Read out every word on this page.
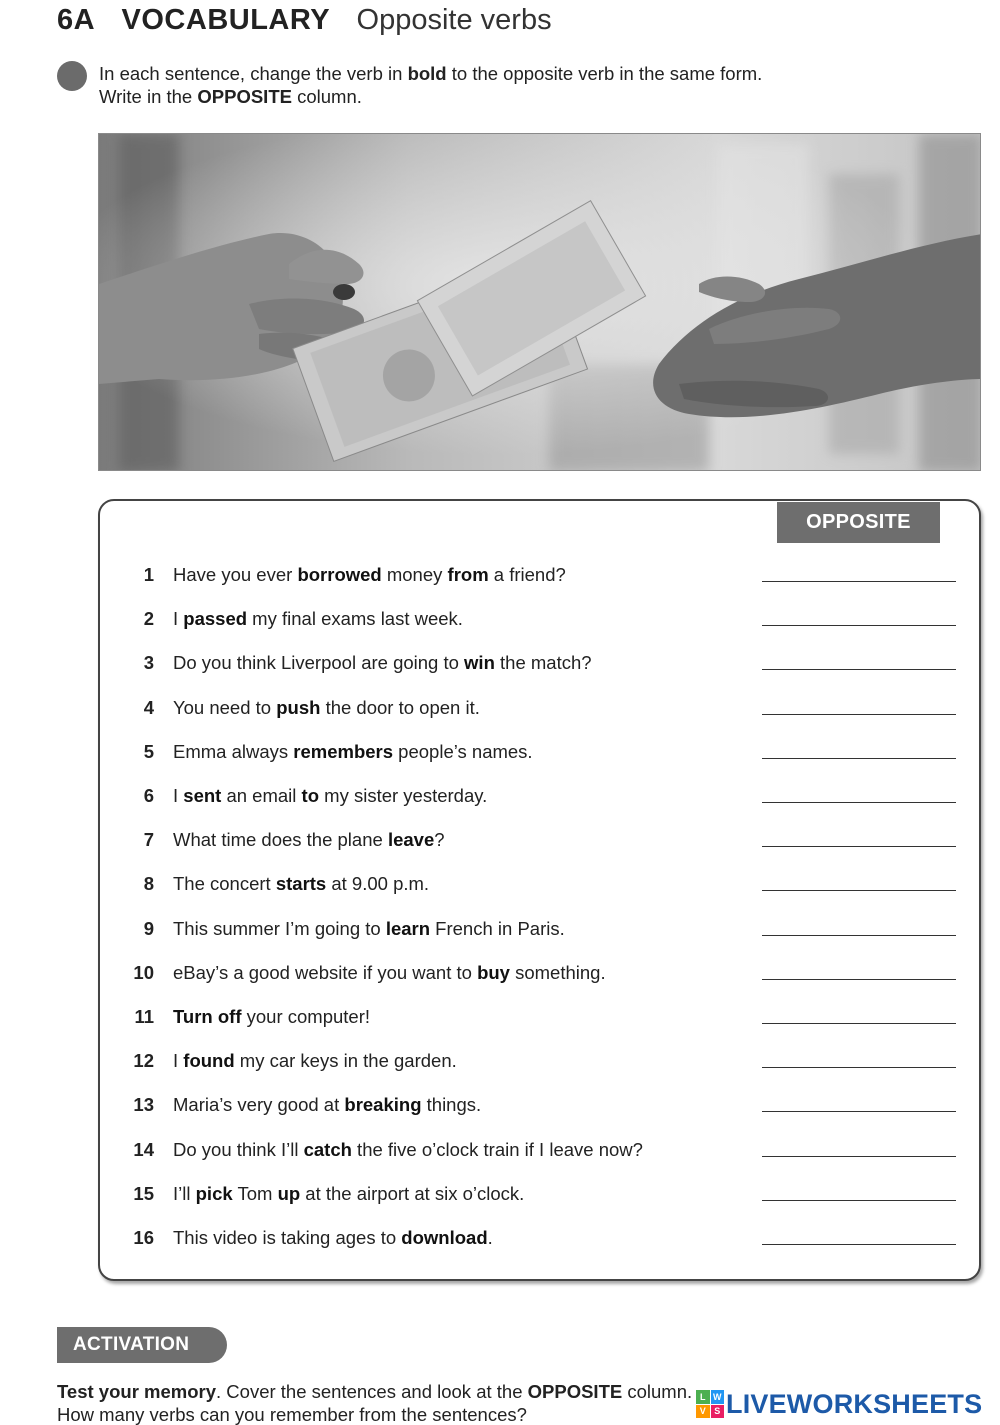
6A VOCABULARY Opposite verbs
In each sentence, change the verb in bold to the opposite verb in the same form.
Write in the OPPOSITE column.
OPPOSITE
1 Have you ever borrowed money from a friend?
2 I passed my final exams last week.
3 Do you think Liverpool are going to win the match?
4 You need to push the door to open it.
5 Emma always remembers people’s names.
6 I sent an email to my sister yesterday.
7 What time does the plane leave?
8 The concert starts at 9.00 p.m.
9 This summer I’m going to learn French in Paris.
10 eBay’s a good website if you want to buy something.
11 Turn off your computer!
12 I found my car keys in the garden.
13 Maria’s very good at breaking things.
14 Do you think I’ll catch the five o’clock train if I leave now?
15 I’ll pick Tom up at the airport at six o’clock.
16 This video is taking ages to download.
ACTIVATION
Test your memory. Cover the sentences and look at the OPPOSITE column.
How many verbs can you remember from the sentences?
L W
V S LIVEWORKSHEETS
